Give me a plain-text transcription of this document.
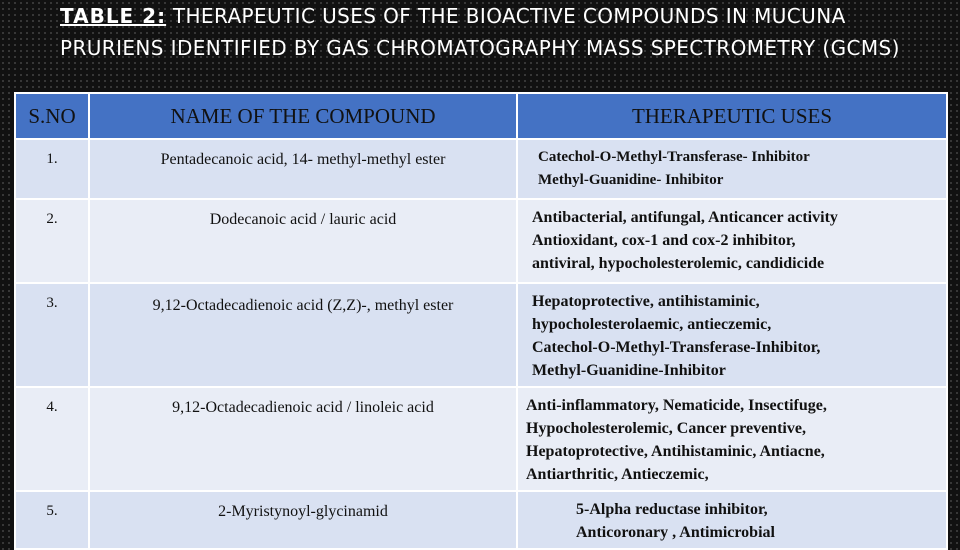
TABLE 2: THERAPEUTIC USES OF THE BIOACTIVE COMPOUNDS IN MUCUNA PRURIENS IDENTIFIED BY GAS CHROMATOGRAPHY MASS SPECTROMETRY (GCMS)
S.NO	NAME OF THE COMPOUND	THERAPEUTIC USES
1.	Pentadecanoic acid, 14- methyl-methyl ester	Catechol-O-Methyl-Transferase- Inhibitor
Methyl-Guanidine- Inhibitor

2.	Dodecanoic acid / lauric acid	Antibacterial, antifungal, Anticancer activity
Antioxidant, cox-1 and cox-2 inhibitor,
antiviral, hypocholesterolemic, candidicide

3.	9,12-Octadecadienoic acid (Z,Z)-, methyl ester	Hepatoprotective, antihistaminic,
hypocholesterolaemic, antieczemic,
Catechol-O-Methyl-Transferase-Inhibitor,
Methyl-Guanidine-Inhibitor

4.	9,12-Octadecadienoic acid / linoleic acid	Anti-inflammatory, Nematicide, Insectifuge,
Hypocholesterolemic, Cancer preventive,
Hepatoprotective, Antihistaminic, Antiacne,
Antiarthritic, Antieczemic,

5.	2-Myristynoyl-glycinamid	5-Alpha reductase inhibitor,
Anticoronary , Antimicrobial
